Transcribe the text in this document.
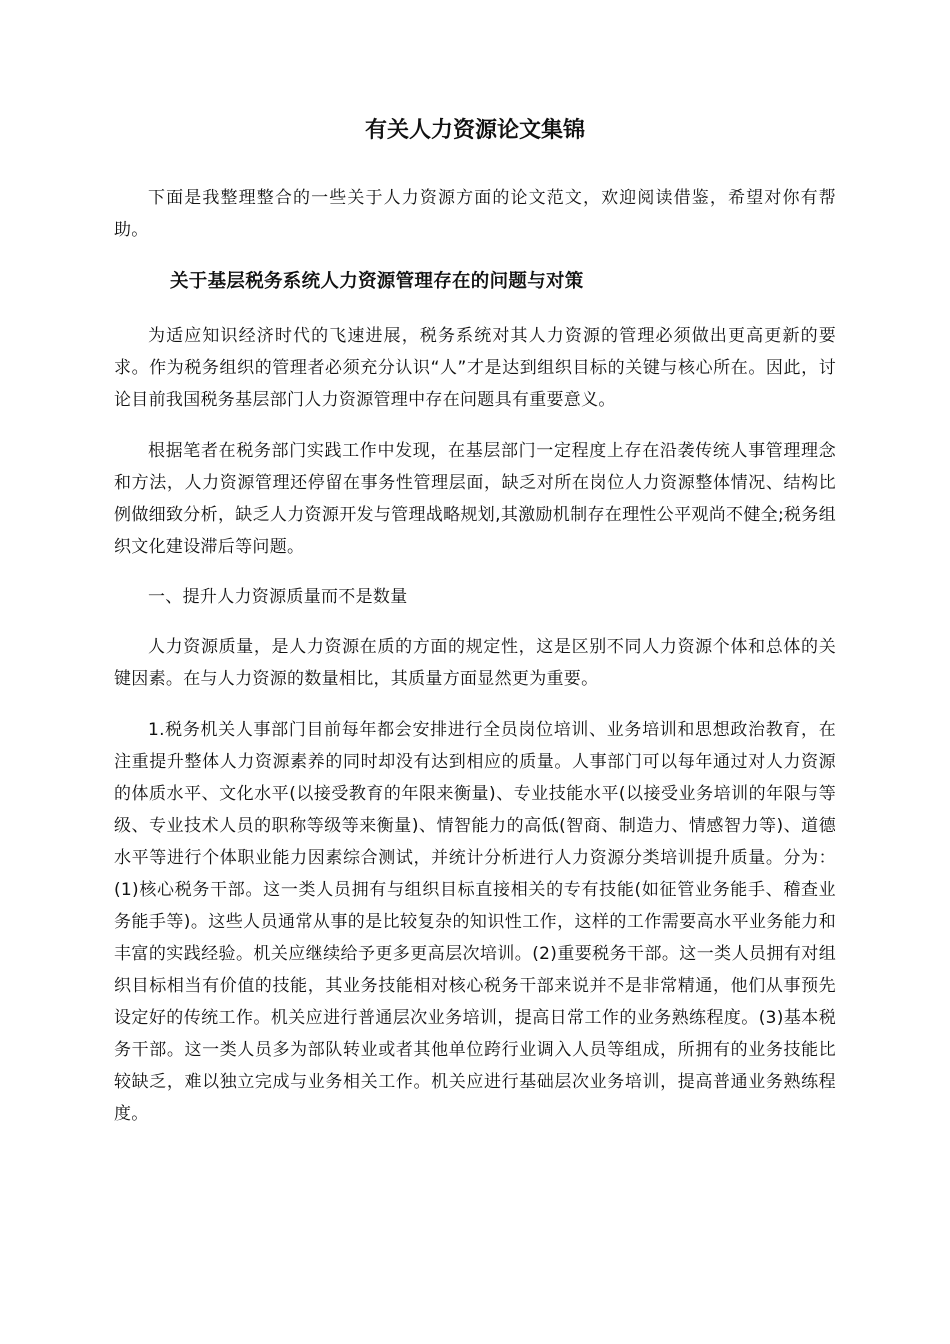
有关人力资源论文集锦

下面是我整理整合的一些关于人力资源方面的论文范文，欢迎阅读借鉴，希望对你有帮助。

关于基层税务系统人力资源管理存在的问题与对策

为适应知识经济时代的飞速进展，税务系统对其人力资源的管理必须做出更高更新的要求。作为税务组织的管理者必须充分认识“人”才是达到组织目标的关键与核心所在。因此，讨论目前我国税务基层部门人力资源管理中存在问题具有重要意义。

根据笔者在税务部门实践工作中发现，在基层部门一定程度上存在沿袭传统人事管理理念和方法，人力资源管理还停留在事务性管理层面，缺乏对所在岗位人力资源整体情况、结构比例做细致分析，缺乏人力资源开发与管理战略规划,其激励机制存在理性公平观尚不健全;税务组织文化建设滞后等问题。

一、提升人力资源质量而不是数量

人力资源质量，是人力资源在质的方面的规定性，这是区别不同人力资源个体和总体的关键因素。在与人力资源的数量相比，其质量方面显然更为重要。

1.税务机关人事部门目前每年都会安排进行全员岗位培训、业务培训和思想政治教育，在注重提升整体人力资源素养的同时却没有达到相应的质量。人事部门可以每年通过对人力资源的体质水平、文化水平(以接受教育的年限来衡量)、专业技能水平(以接受业务培训的年限与等级、专业技术人员的职称等级等来衡量)、情智能力的高低(智商、制造力、情感智力等)、道德水平等进行个体职业能力因素综合测试，并统计分析进行人力资源分类培训提升质量。分为： (1)核心税务干部。这一类人员拥有与组织目标直接相关的专有技能(如征管业务能手、稽查业务能手等)。这些人员通常从事的是比较复杂的知识性工作，这样的工作需要高水平业务能力和丰富的实践经验。机关应继续给予更多更高层次培训。(2)重要税务干部。这一类人员拥有对组织目标相当有价值的技能，其业务技能相对核心税务干部来说并不是非常精通，他们从事预先设定好的传统工作。机关应进行普通层次业务培训，提高日常工作的业务熟练程度。(3)基本税务干部。这一类人员多为部队转业或者其他单位跨行业调入人员等组成，所拥有的业务技能比较缺乏，难以独立完成与业务相关工作。机关应进行基础层次业务培训，提高普通业务熟练程度。
